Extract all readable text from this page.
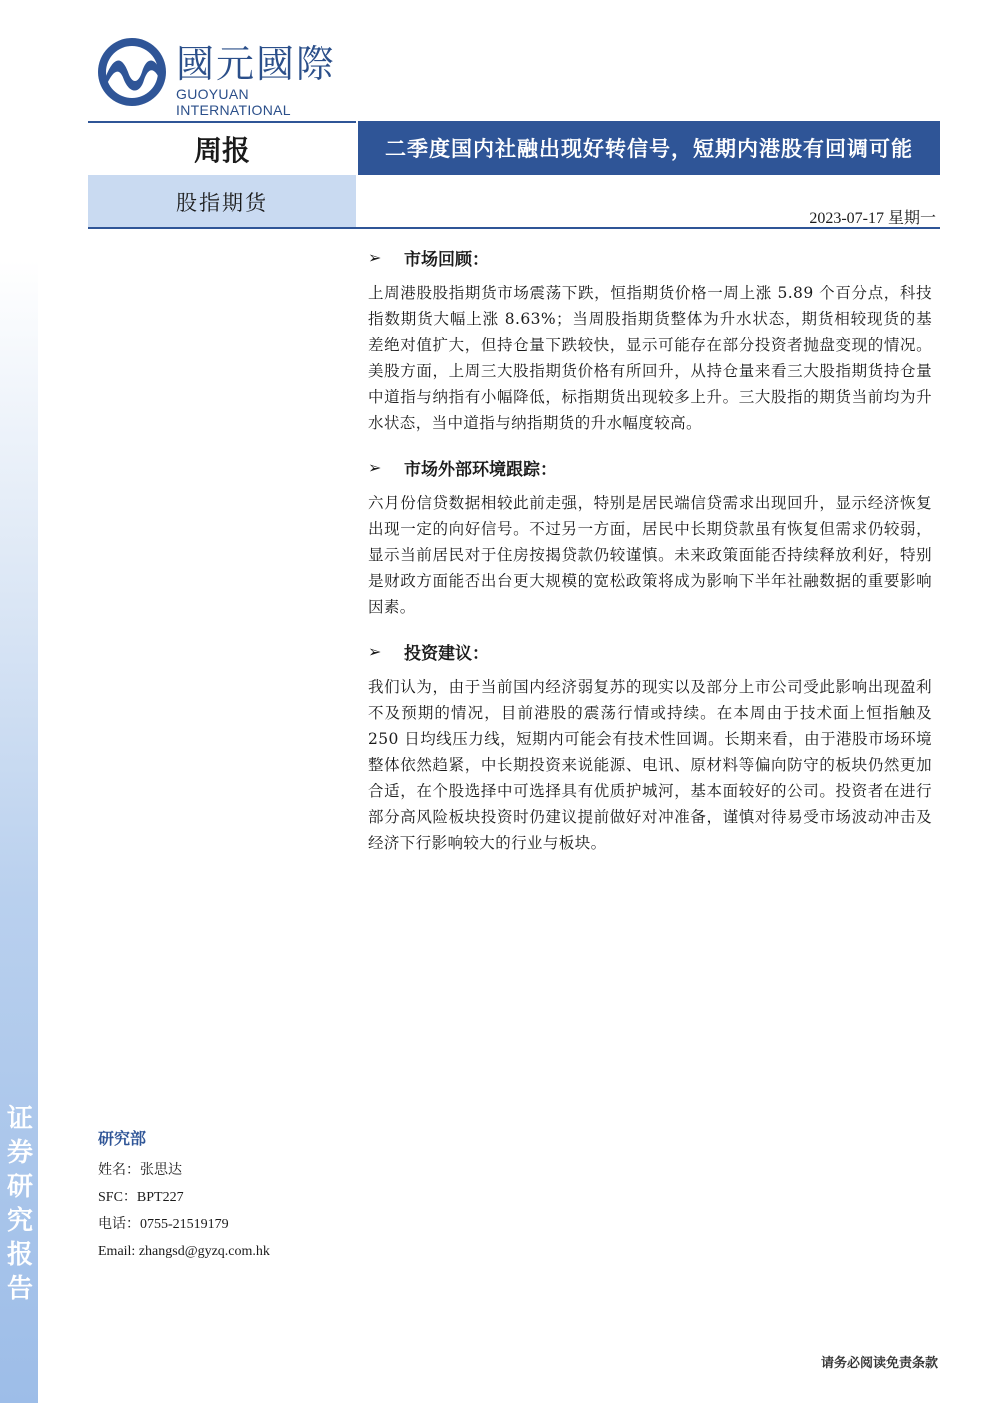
证券研究报告
國元國際
GUOYUAN INTERNATIONAL
周报	二季度国内社融出现好转信号，短期内港股有回调可能
股指期货
2023-07-17 星期一
➢	市场回顾：
上周港股股指期货市场震荡下跌，恒指期货价格一周上涨 5.89 个百分点，科技指数期货大幅上涨 8.63%；当周股指期货整体为升水状态，期货相较现货的基差绝对值扩大，但持仓量下跌较快，显示可能存在部分投资者抛盘变现的情况。美股方面，上周三大股指期货价格有所回升，从持仓量来看三大股指期货持仓量中道指与纳指有小幅降低，标指期货出现较多上升。三大股指的期货当前均为升水状态，当中道指与纳指期货的升水幅度较高。
➢	市场外部环境跟踪：
六月份信贷数据相较此前走强，特别是居民端信贷需求出现回升，显示经济恢复出现一定的向好信号。不过另一方面，居民中长期贷款虽有恢复但需求仍较弱，显示当前居民对于住房按揭贷款仍较谨慎。未来政策面能否持续释放利好，特别是财政方面能否出台更大规模的宽松政策将成为影响下半年社融数据的重要影响因素。
➢	投资建议：
我们认为，由于当前国内经济弱复苏的现实以及部分上市公司受此影响出现盈利不及预期的情况，目前港股的震荡行情或持续。在本周由于技术面上恒指触及 250 日均线压力线，短期内可能会有技术性回调。长期来看，由于港股市场环境整体依然趋紧，中长期投资来说能源、电讯、原材料等偏向防守的板块仍然更加合适，在个股选择中可选择具有优质护城河，基本面较好的公司。投资者在进行部分高风险板块投资时仍建议提前做好对冲准备，谨慎对待易受市场波动冲击及经济下行影响较大的行业与板块。
研究部
姓名：张思达
SFC：BPT227
电话：0755-21519179
Email: zhangsd@gyzq.com.hk
请务必阅读免责条款
